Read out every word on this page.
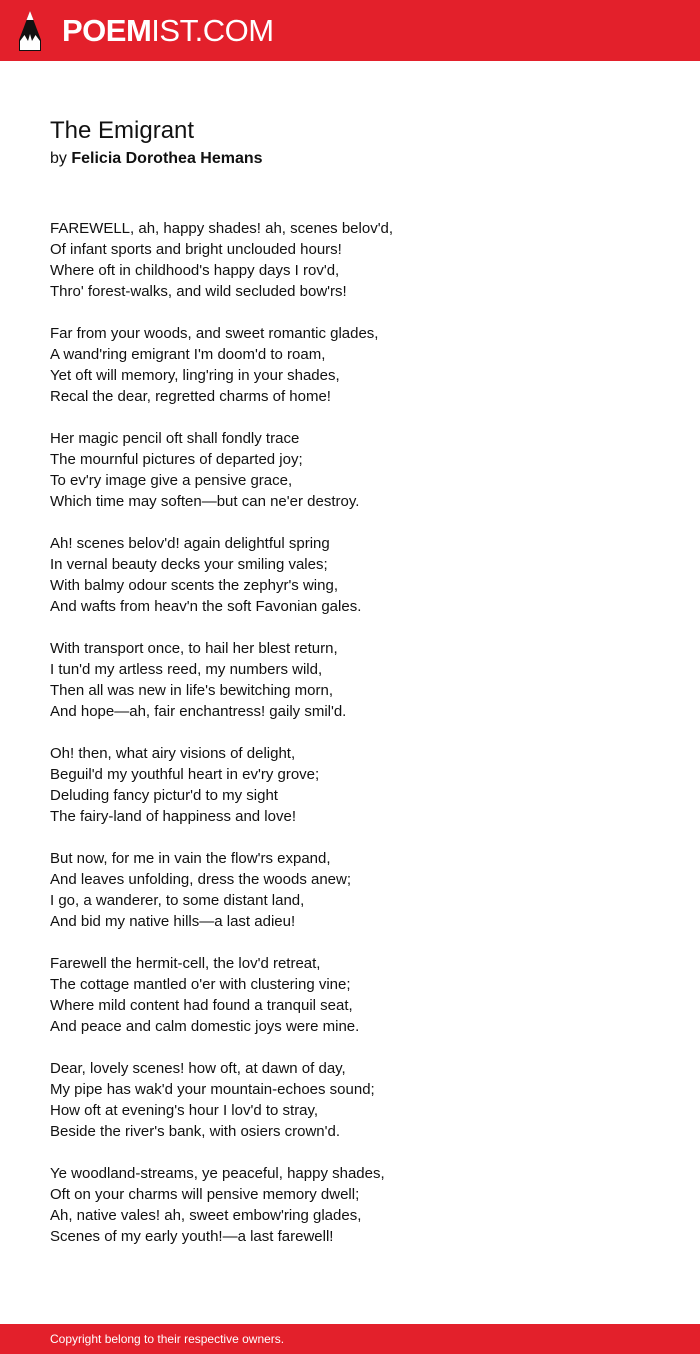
POEMIST.COM
The Emigrant
by Felicia Dorothea Hemans
FAREWELL, ah, happy shades! ah, scenes belov'd,
Of infant sports and bright unclouded hours!
Where oft in childhood's happy days I rov'd,
Thro' forest-walks, and wild secluded bow'rs!
Far from your woods, and sweet romantic glades,
A wand'ring emigrant I'm doom'd to roam,
Yet oft will memory, ling'ring in your shades,
Recal the dear, regretted charms of home!
Her magic pencil oft shall fondly trace
The mournful pictures of departed joy;
To ev'ry image give a pensive grace,
Which time may soften—but can ne'er destroy.
Ah! scenes belov'd! again delightful spring
In vernal beauty decks your smiling vales;
With balmy odour scents the zephyr's wing,
And wafts from heav'n the soft Favonian gales.
With transport once, to hail her blest return,
I tun'd my artless reed, my numbers wild,
Then all was new in life's bewitching morn,
And hope—ah, fair enchantress! gaily smil'd.
Oh! then, what airy visions of delight,
Beguil'd my youthful heart in ev'ry grove;
Deluding fancy pictur'd to my sight
The fairy-land of happiness and love!
But now, for me in vain the flow'rs expand,
And leaves unfolding, dress the woods anew;
I go, a wanderer, to some distant land,
And bid my native hills—a last adieu!
Farewell the hermit-cell, the lov'd retreat,
The cottage mantled o'er with clustering vine;
Where mild content had found a tranquil seat,
And peace and calm domestic joys were mine.
Dear, lovely scenes! how oft, at dawn of day,
My pipe has wak'd your mountain-echoes sound;
How oft at evening's hour I lov'd to stray,
Beside the river's bank, with osiers crown'd.
Ye woodland-streams, ye peaceful, happy shades,
Oft on your charms will pensive memory dwell;
Ah, native vales! ah, sweet embow'ring glades,
Scenes of my early youth!—a last farewell!
Copyright belong to their respective owners.
